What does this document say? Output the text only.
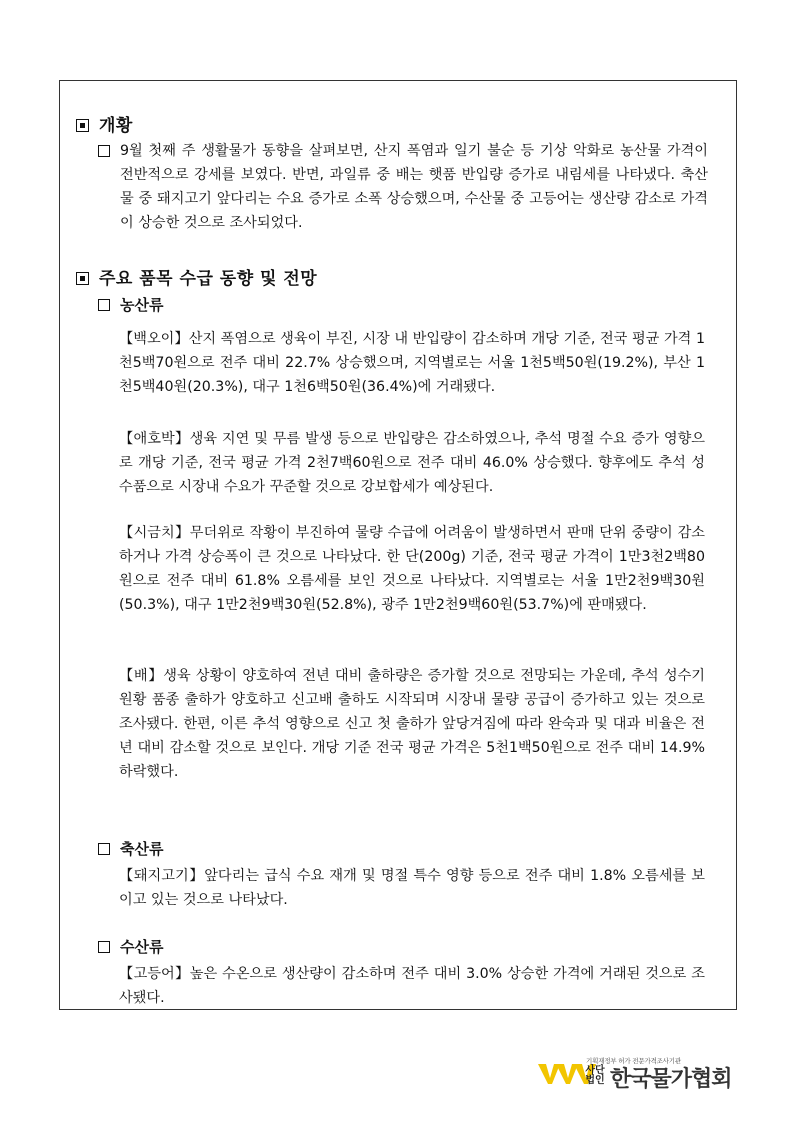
개황
9월 첫째 주 생활물가 동향을 살펴보면, 산지 폭염과 일기 불순 등 기상 악화로 농산물 가격이 전반적으로 강세를 보였다. 반면, 과일류 중 배는 햇품 반입량 증가로 내림세를 나타냈다. 축산물 중 돼지고기 앞다리는 수요 증가로 소폭 상승했으며, 수산물 중 고등어는 생산량 감소로 가격이 상승한 것으로 조사되었다.
주요 품목 수급 동향 및 전망
농산류
【백오이】산지 폭염으로 생육이 부진, 시장 내 반입량이 감소하며 개당 기준, 전국 평균 가격 1천5백70원으로 전주 대비 22.7% 상승했으며, 지역별로는 서울 1천5백50원(19.2%), 부산 1천5백40원(20.3%), 대구 1천6백50원(36.4%)에 거래됐다.
【애호박】생육 지연 및 무름 발생 등으로 반입량은 감소하였으나, 추석 명절 수요 증가 영향으로 개당 기준, 전국 평균 가격 2천7백60원으로 전주 대비 46.0% 상승했다. 향후에도 추석 성수품으로 시장내 수요가 꾸준할 것으로 강보합세가 예상된다.
【시금치】무더위로 작황이 부진하여 물량 수급에 어려움이 발생하면서 판매 단위 중량이 감소하거나 가격 상승폭이 큰 것으로 나타났다. 한 단(200g) 기준, 전국 평균 가격이 1만3천2백80원으로 전주 대비 61.8% 오름세를 보인 것으로 나타났다. 지역별로는 서울 1만2천9백30원(50.3%), 대구 1만2천9백30원(52.8%), 광주 1만2천9백60원(53.7%)에 판매됐다.
【배】생육 상황이 양호하여 전년 대비 출하량은 증가할 것으로 전망되는 가운데, 추석 성수기 원황 품종 출하가 양호하고 신고배 출하도 시작되며 시장내 물량 공급이 증가하고 있는 것으로 조사됐다. 한편, 이른 추석 영향으로 신고 첫 출하가 앞당겨짐에 따라 완숙과 및 대과 비율은 전년 대비 감소할 것으로 보인다. 개당 기준 전국 평균 가격은 5천1백50원으로 전주 대비 14.9% 하락했다.
축산류
【돼지고기】앞다리는 급식 수요 재개 및 명절 특수 영향 등으로 전주 대비 1.8% 오름세를 보이고 있는 것으로 나타났다.
수산류
【고등어】높은 수온으로 생산량이 감소하며 전주 대비 3.0% 상승한 가격에 거래된 것으로 조사됐다.
기획재정부 허가 전문가격조사기관
사단법인 한국물가협회
